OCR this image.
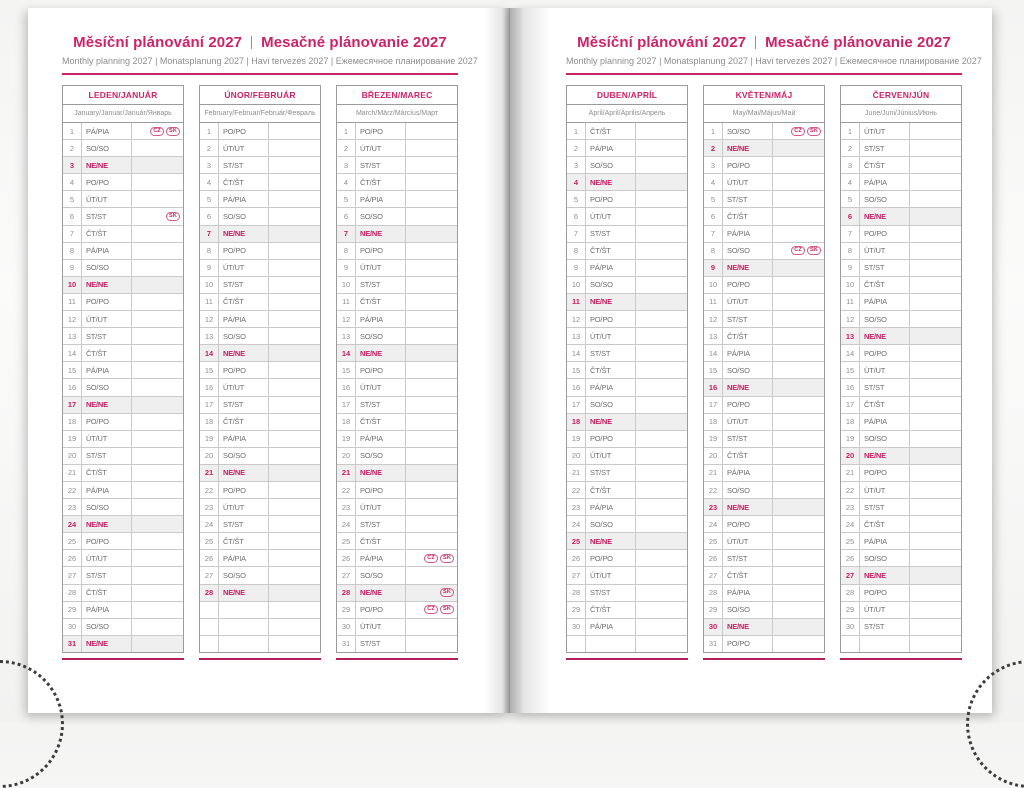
Měsíční plánování 2027 Mesačné plánovanie 2027
Monthly planning 2027 | Monatsplanung 2027 | Havi tervezés 2027 | Ежемесячное планирование 2027
LEDEN/JANUÁR
January/Januar/Január/Январь
1	PÁ/PIA	CZ	SK
2	SO/SO
3	NE/NE
4	PO/PO
5	ÚT/UT
6	ST/ST	SK
7	ČT/ŠT
8	PÁ/PIA
9	SO/SO
10	NE/NE
11	PO/PO
12	ÚT/UT
13	ST/ST
14	ČT/ŠT
15	PÁ/PIA
16	SO/SO
17	NE/NE
18	PO/PO
19	ÚT/UT
20	ST/ST
21	ČT/ŠT
22	PÁ/PIA
23	SO/SO
24	NE/NE
25	PO/PO
26	ÚT/UT
27	ST/ST
28	ČT/ŠT
29	PÁ/PIA
30	SO/SO
31	NE/NE
ÚNOR/FEBRUÁR
February/Februar/Február/Февраль
1	PO/PO
2	ÚT/UT
3	ST/ST
4	ČT/ŠT
5	PÁ/PIA
6	SO/SO
7	NE/NE
8	PO/PO
9	ÚT/UT
10	ST/ST
11	ČT/ŠT
12	PÁ/PIA
13	SO/SO
14	NE/NE
15	PO/PO
16	ÚT/UT
17	ST/ST
18	ČT/ŠT
19	PÁ/PIA
20	SO/SO
21	NE/NE
22	PO/PO
23	ÚT/UT
24	ST/ST
25	ČT/ŠT
26	PÁ/PIA
27	SO/SO
28	NE/NE
BŘEZEN/MAREC
March/März/Március/Март
1	PO/PO
2	ÚT/UT
3	ST/ST
4	ČT/ŠT
5	PÁ/PIA
6	SO/SO
7	NE/NE
8	PO/PO
9	ÚT/UT
10	ST/ST
11	ČT/ŠT
12	PÁ/PIA
13	SO/SO
14	NE/NE
15	PO/PO
16	ÚT/UT
17	ST/ST
18	ČT/ŠT
19	PÁ/PIA
20	SO/SO
21	NE/NE
22	PO/PO
23	ÚT/UT
24	ST/ST
25	ČT/ŠT
26	PÁ/PIA	CZ	SK
27	SO/SO
28	NE/NE	SK
29	PO/PO	CZ	SK
30	ÚT/UT
31	ST/ST
Měsíční plánování 2027 Mesačné plánovanie 2027
Monthly planning 2027 | Monatsplanung 2027 | Havi tervezés 2027 | Ежемесячное планирование 2027
DUBEN/APRÍL
April/April/Április/Апрель
1	ČT/ŠT
2	PÁ/PIA
3	SO/SO
4	NE/NE
5	PO/PO
6	ÚT/UT
7	ST/ST
8	ČT/ŠT
9	PÁ/PIA
10	SO/SO
11	NE/NE
12	PO/PO
13	ÚT/UT
14	ST/ST
15	ČT/ŠT
16	PÁ/PIA
17	SO/SO
18	NE/NE
19	PO/PO
20	ÚT/UT
21	ST/ST
22	ČT/ŠT
23	PÁ/PIA
24	SO/SO
25	NE/NE
26	PO/PO
27	ÚT/UT
28	ST/ST
29	ČT/ŠT
30	PÁ/PIA
KVĚTEN/MÁJ
May/Mai/Május/Май
1	SO/SO	CZ	SK
2	NE/NE
3	PO/PO
4	ÚT/UT
5	ST/ST
6	ČT/ŠT
7	PÁ/PIA
8	SO/SO	CZ	SK
9	NE/NE
10	PO/PO
11	ÚT/UT
12	ST/ST
13	ČT/ŠT
14	PÁ/PIA
15	SO/SO
16	NE/NE
17	PO/PO
18	ÚT/UT
19	ST/ST
20	ČT/ŠT
21	PÁ/PIA
22	SO/SO
23	NE/NE
24	PO/PO
25	ÚT/UT
26	ST/ST
27	ČT/ŠT
28	PÁ/PIA
29	SO/SO
30	NE/NE
31	PO/PO
ČERVEN/JÚN
June/Juni/Június/Июнь
1	ÚT/UT
2	ST/ST
3	ČT/ŠT
4	PÁ/PIA
5	SO/SO
6	NE/NE
7	PO/PO
8	ÚT/UT
9	ST/ST
10	ČT/ŠT
11	PÁ/PIA
12	SO/SO
13	NE/NE
14	PO/PO
15	ÚT/UT
16	ST/ST
17	ČT/ŠT
18	PÁ/PIA
19	SO/SO
20	NE/NE
21	PO/PO
22	ÚT/UT
23	ST/ST
24	ČT/ŠT
25	PÁ/PIA
26	SO/SO
27	NE/NE
28	PO/PO
29	ÚT/UT
30	ST/ST
